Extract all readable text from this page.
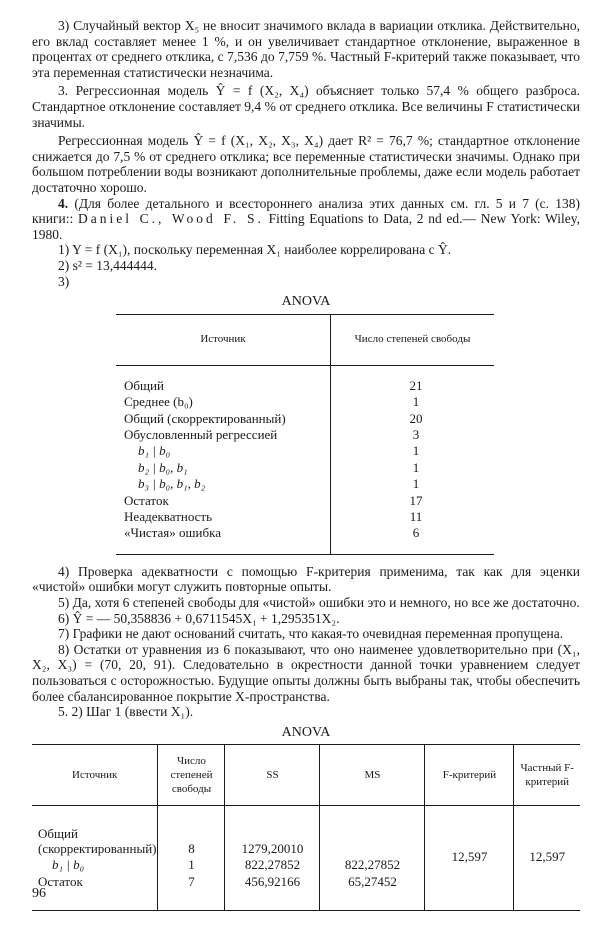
3) Случайный вектор X₅ не вносит значимого вклада в вариации отклика. Действительно, его вклад составляет менее 1 %, и он увеличивает стандартное отклонение, выраженное в процентах от среднего отклика, с 7,536 до 7,759 %. Частный F-критерий также показывает, что эта переменная статистически незначима.

3. Регрессионная модель Ŷ = f (X₂, X₄) объясняет только 57,4 % общего разброса. Стандартное отклонение составляет 9,4 % от среднего отклика. Все величины F статистически значимы.

Регрессионная модель Ŷ = f (X₁, X₂, X₃, X₄) дает R² = 76,7 %; стандартное отклонение снижается до 7,5 % от среднего отклика; все переменные статистически значимы. Однако при большом потреблении воды возникают дополнительные проблемы, даже если модель работает достаточно хорошо.

4. (Для более детального и всестороннего анализа этих данных см. гл. 5 и 7 (с. 138) книги:: Daniel C., Wood F. S. Fitting Equations to Data, 2 nd ed.— New York: Wiley, 1980.

1) Y = f (X₁), поскольку переменная X₁ наиболее коррелирована с Ŷ.

2) s² = 13,444444.

3)

ANOVA
Источник	Число степеней свободы

Общий	21
Среднее (b₀)	1
Общий (скорректированный)	20
Обусловленный регрессией	3
b₁ | b₀	1
b₂ | b₀, b₁	1
b₃ | b₀, b₁, b₂	1
Остаток	17
Неадекватность	11
«Чистая» ошибка	6

4) Проверка адекватности с помощью F-критерия применима, так как для эценки «чистой» ошибки могут служить повторные опыты.

5) Да, хотя 6 степеней свободы для «чистой» ошибки это и немного, но все же достаточно.

6) Ŷ = — 50,358836 + 0,6711545X₁ + 1,295351X₂.

7) Графики не дают оснований считать, что какая-то очевидная переменная пропущена.

8) Остатки от уравнения из 6 показывают, что оно наименее удовлетворительно при (X₁, X₂, X₃) = (70, 20, 91). Следовательно в окрестности данной точки уравнением следует пользоваться с осторожностью. Будущие опыты должны быть выбраны так, чтобы обеспечить более сбалансированное покрытие X-пространства.

5. 2) Шаг 1 (ввести X₁).

ANOVA
Источник	Число степеней свободы	SS	MS	F-критерий	Частный F-критерий

Общий (скорректированный)	8	1279,20010			
b₁ | b₀	1	822,27852	822,27852	12,597	12,597
Остаток	7	456,92166	65,27452		

96
